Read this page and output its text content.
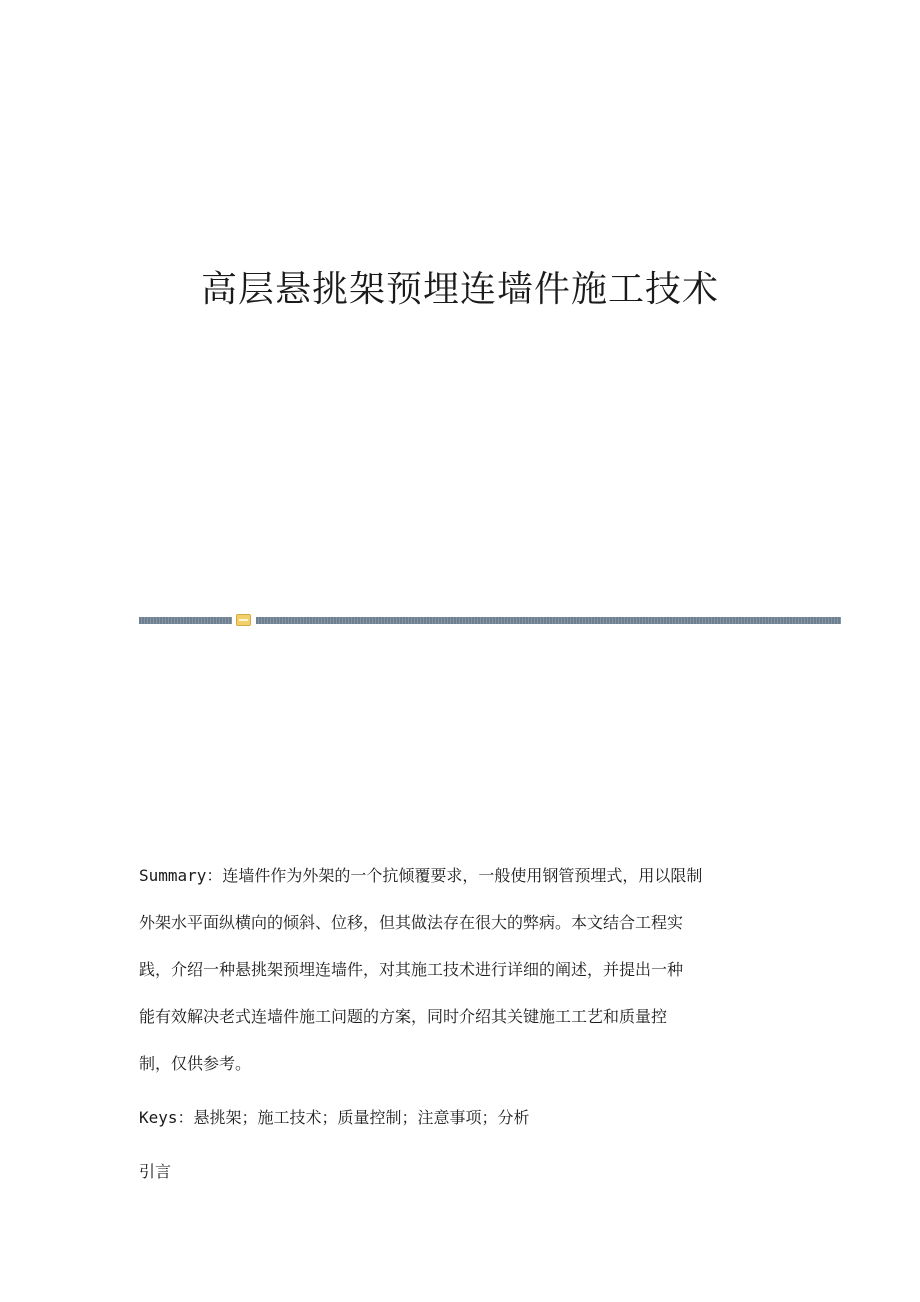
高层悬挑架预埋连墙件施工技术

Summary：连墙件作为外架的一个抗倾覆要求，一般使用钢管预埋式，用以限制
外架水平面纵横向的倾斜、位移，但其做法存在很大的弊病。本文结合工程实
践，介绍一种悬挑架预埋连墙件，对其施工技术进行详细的阐述，并提出一种
能有效解决老式连墙件施工问题的方案，同时介绍其关键施工工艺和质量控
制，仅供参考。

Keys：悬挑架；施工技术；质量控制；注意事项；分析

引言
